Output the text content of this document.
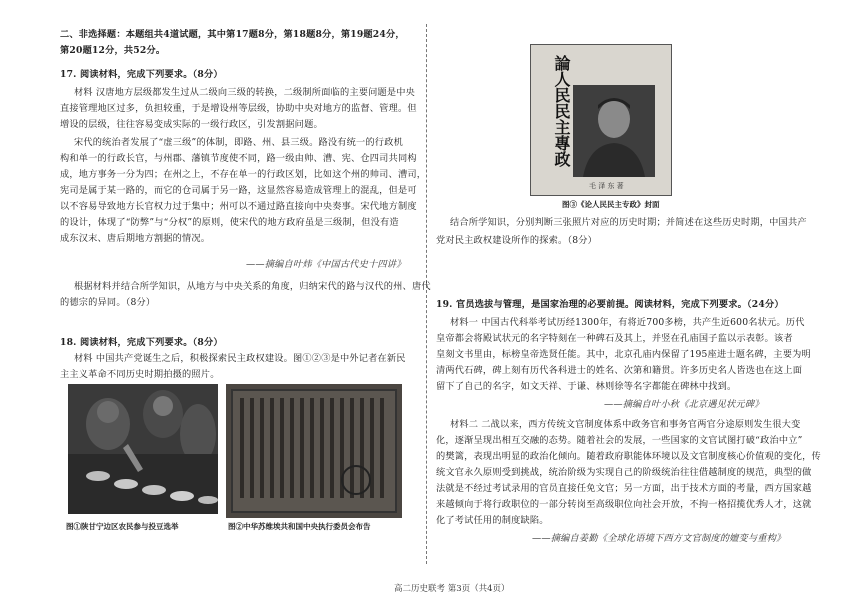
二、非选择题：本题组共4道试题，其中第17题8分，第18题8分，第19题24分，
第20题12分，共52分。
17. 阅读材料，完成下列要求。（8分）
材料 汉唐地方层级都发生过从二级向三级的转换，二级制所面临的主要问题是中央
直接管理地区过多，负担较重，于是增设州等层级，协助中央对地方的监督、管理。但
增设的层级，往往容易变成实际的一级行政区，引发割据问题。
宋代的统治者发展了“虚三级”的体制，即路、州、县三级。路没有统一的行政机
构和单一的行政长官，与州郡、藩镇节度使不同，路一级由帅、漕、宪、仓四司共同构
成，地方事务一分为四；在州之上，不存在单一的行政区划，比如这个州的帅司、漕司，
宪司是属于某一路的，而它的仓司属于另一路，这显然容易造成管理上的混乱，但是可
以不容易导致地方长官权力过于集中；州可以不通过路直接向中央奏事。宋代地方制度
的设计，体现了“防弊”与“分权”的原则，使宋代的地方政府虽是三级制，但没有造
成东汉末、唐后期地方割据的情况。
——摘编自叶炜《中国古代史十四讲》
根据材料并结合所学知识，从地方与中央关系的角度，归纳宋代的路与汉代的州、唐代
的德宗的异同。（8分）
18. 阅读材料，完成下列要求。（8分）
材料 中国共产党诞生之后，积极探索民主政权建设。图①②③是中外记者在新民
主主义革命不同历史时期拍摄的照片。
图①陕甘宁边区农民参与投豆选举	图②中华苏维埃共和国中央执行委员会布告
論人民民主專政
毛 泽 东 著
图③《论人民民主专政》封面
结合所学知识，分别判断三张照片对应的历史时期；并简述在这些历史时期，中国共产
党对民主政权建设所作的探索。（8分）
19. 官员选拔与管理，是国家治理的必要前提。阅读材料，完成下列要求。（24分）
材料一 中国古代科举考试历经1300年，有将近700多榜，共产生近600名状元。历代
皇帝都会将殿试状元的名字特刻在一种碑石及其上，并竖在孔庙国子监以示表彰。该者
皇刻文书里由，标榜皇帝选贤任能。其中，北京孔庙内保留了195座进士题名碑，主要为明
清两代石碑，碑上刻有历代各科进士的姓名、次第和籍贯。许多历史名人皆选也在这上面
留下了自己的名字，如文天祥、于谦、林则徐等名字都能在碑林中找到。
——摘编自叶小秋《北京遇见状元碑》
材料二 二战以来，西方传统文官制度体系中政务官和事务官两官分途原则发生很大变
化，逐渐呈现出相互交融的态势。随着社会的发展，一些国家的文官试图打破“政治中立”
的樊篱，表现出明显的政治化倾向。随着政府职能体环境以及文官制度核心价值观的变化，传
统文官永久原则受到挑战，统治阶级为实现自己的阶级统治往往借越制度的规范，典型的做
法就是不经过考试录用的官员直接任免文官；另一方面，出于技术方面的考量，西方国家越
来越倾向于将行政职位的一部分转岗至高级职位向社会开放，不拘一格招揽优秀人才，这就
化了考试任用的制度缺陷。
——摘编自姜勤《全球化语境下西方文官制度的嬗变与重构》
高二历史联考 第3页（共4页）
